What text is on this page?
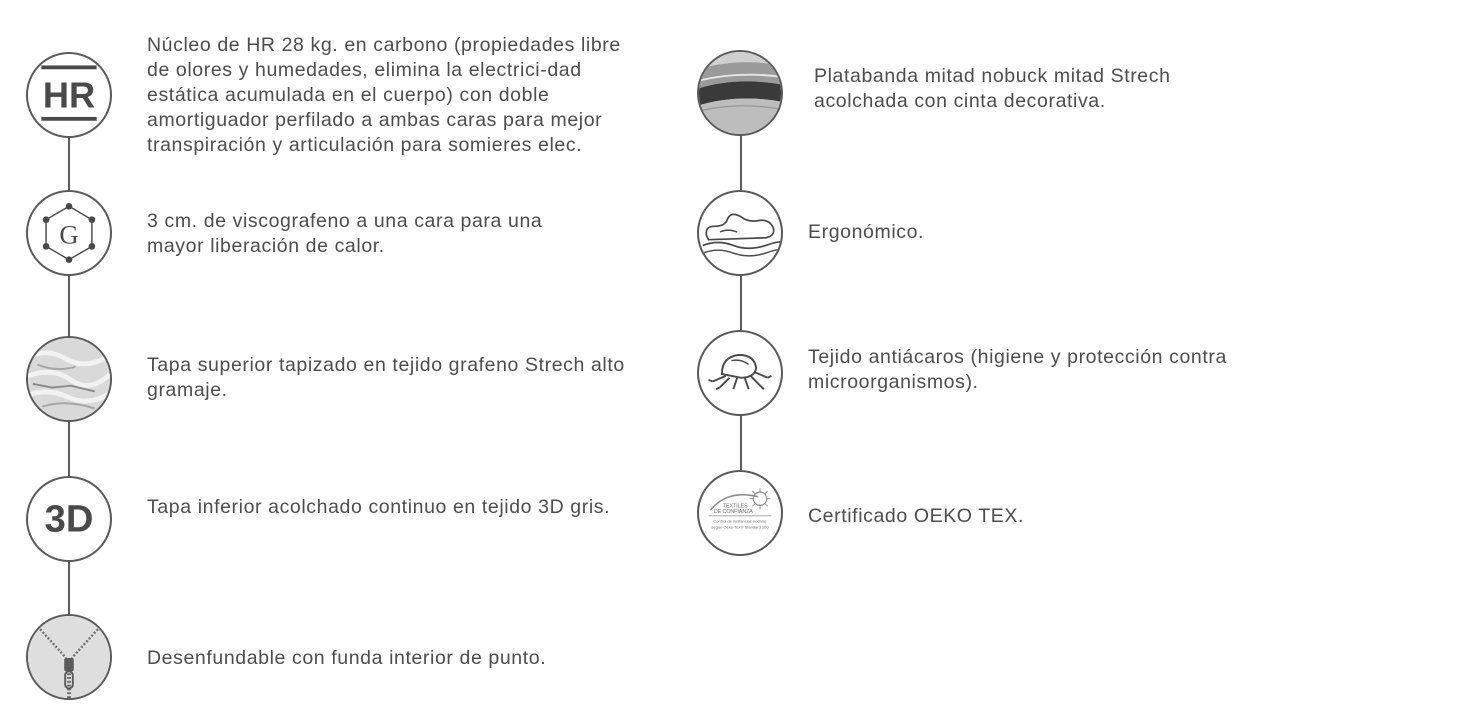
HR
Núcleo de HR 28 kg. en carbono (propiedades libre de olores y humedades, elimina la electrici-dad estática acumulada en el cuerpo) con doble amortiguador perfilado a ambas caras para mejor transpiración y articulación para somieres elec.
G	3 cm. de viscografeno a una cara para una mayor liberación de calor.
Tapa superior tapizado en tejido grafeno Strech alto gramaje.
3D	Tapa inferior acolchado continuo en tejido 3D gris.
Desenfundable con funda interior de punto.
Platabanda mitad nobuck mitad Strech acolchada con cinta decorativa.
Ergonómico.
Tejido antiácaros (higiene y protección contra microorganismos).
TEXTILES
DE CONFIANZA
Control de sustancias nocivas
según Oeko-Tex® Standard 100 Certificado OEKO TEX.
